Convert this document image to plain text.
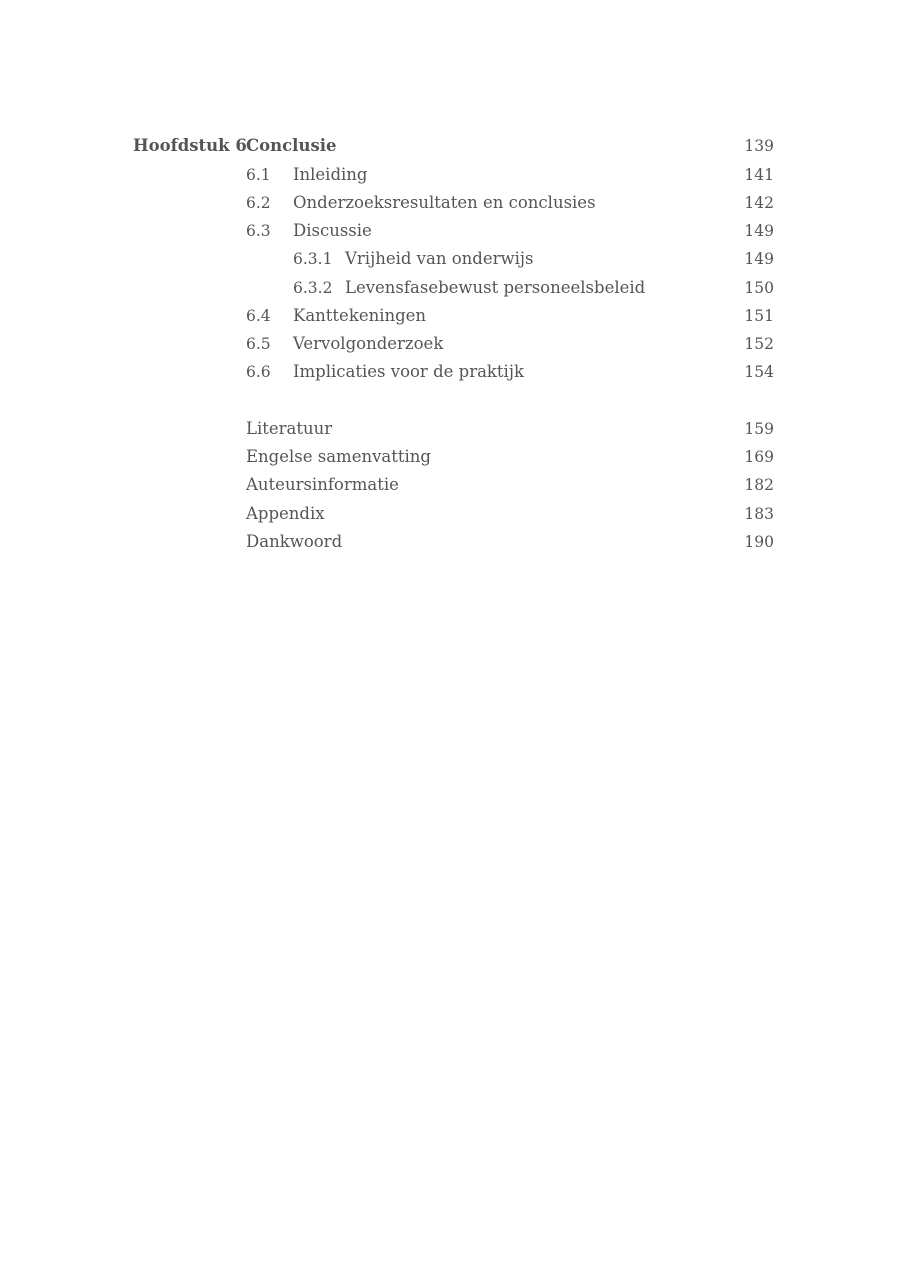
Hoofdstuk 6 Conclusie	139
6.1 Inleiding	141
6.2 Onderzoeksresultaten en conclusies	142
6.3 Discussie	149
6.3.1 Vrijheid van onderwijs	149
6.3.2 Levensfasebewust personeelsbeleid	150
6.4 Kanttekeningen	151
6.5 Vervolgonderzoek	152
6.6 Implicaties voor de praktijk	154
Literatuur	159
Engelse samenvatting	169
Auteursinformatie	182
Appendix	183
Dankwoord	190
